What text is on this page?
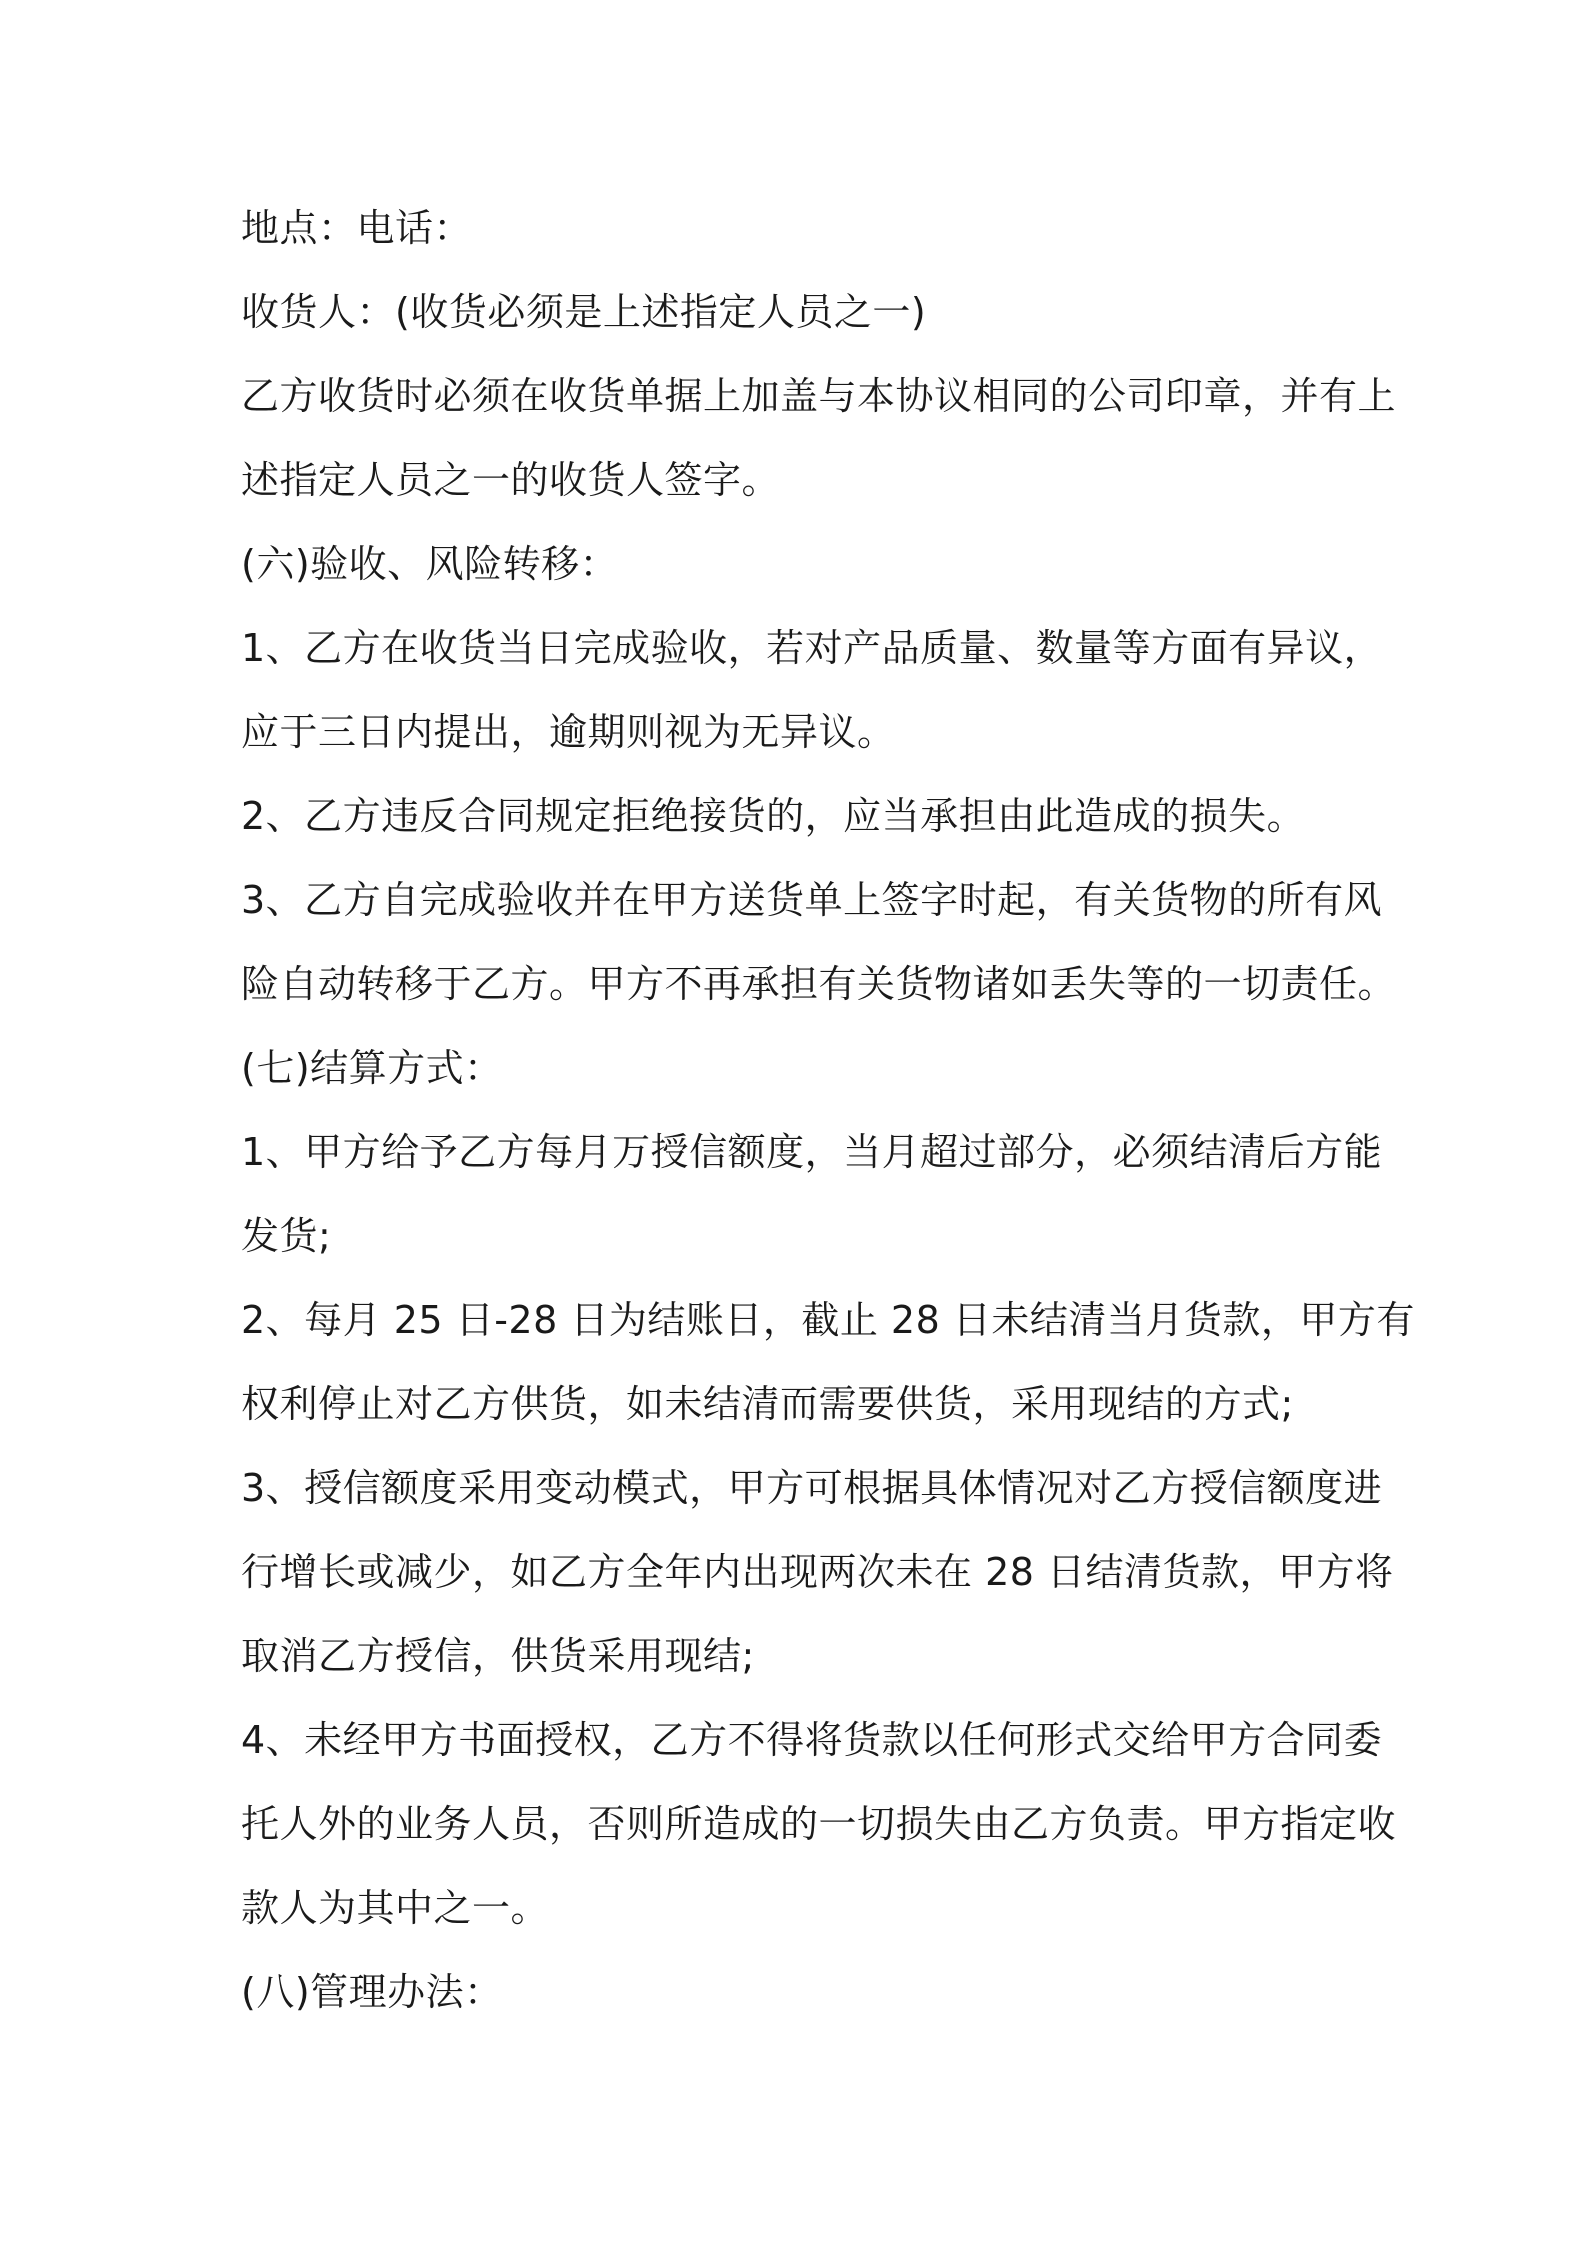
地点：电话：

收货人：(收货必须是上述指定人员之一)

乙方收货时必须在收货单据上加盖与本协议相同的公司印章，并有上

述指定人员之一的收货人签字。

(六)验收、风险转移：

1、乙方在收货当日完成验收，若对产品质量、数量等方面有异议，

应于三日内提出，逾期则视为无异议。

2、乙方违反合同规定拒绝接货的，应当承担由此造成的损失。

3、乙方自完成验收并在甲方送货单上签字时起，有关货物的所有风

险自动转移于乙方。甲方不再承担有关货物诸如丢失等的一切责任。

(七)结算方式：

1、甲方给予乙方每月万授信额度，当月超过部分，必须结清后方能

发货;

2、每月 25 日-28 日为结账日，截止 28 日未结清当月货款，甲方有

权利停止对乙方供货，如未结清而需要供货，采用现结的方式;

3、授信额度采用变动模式，甲方可根据具体情况对乙方授信额度进

行增长或减少，如乙方全年内出现两次未在 28 日结清货款，甲方将

取消乙方授信，供货采用现结;

4、未经甲方书面授权，乙方不得将货款以任何形式交给甲方合同委

托人外的业务人员，否则所造成的一切损失由乙方负责。甲方指定收

款人为其中之一。

(八)管理办法：
